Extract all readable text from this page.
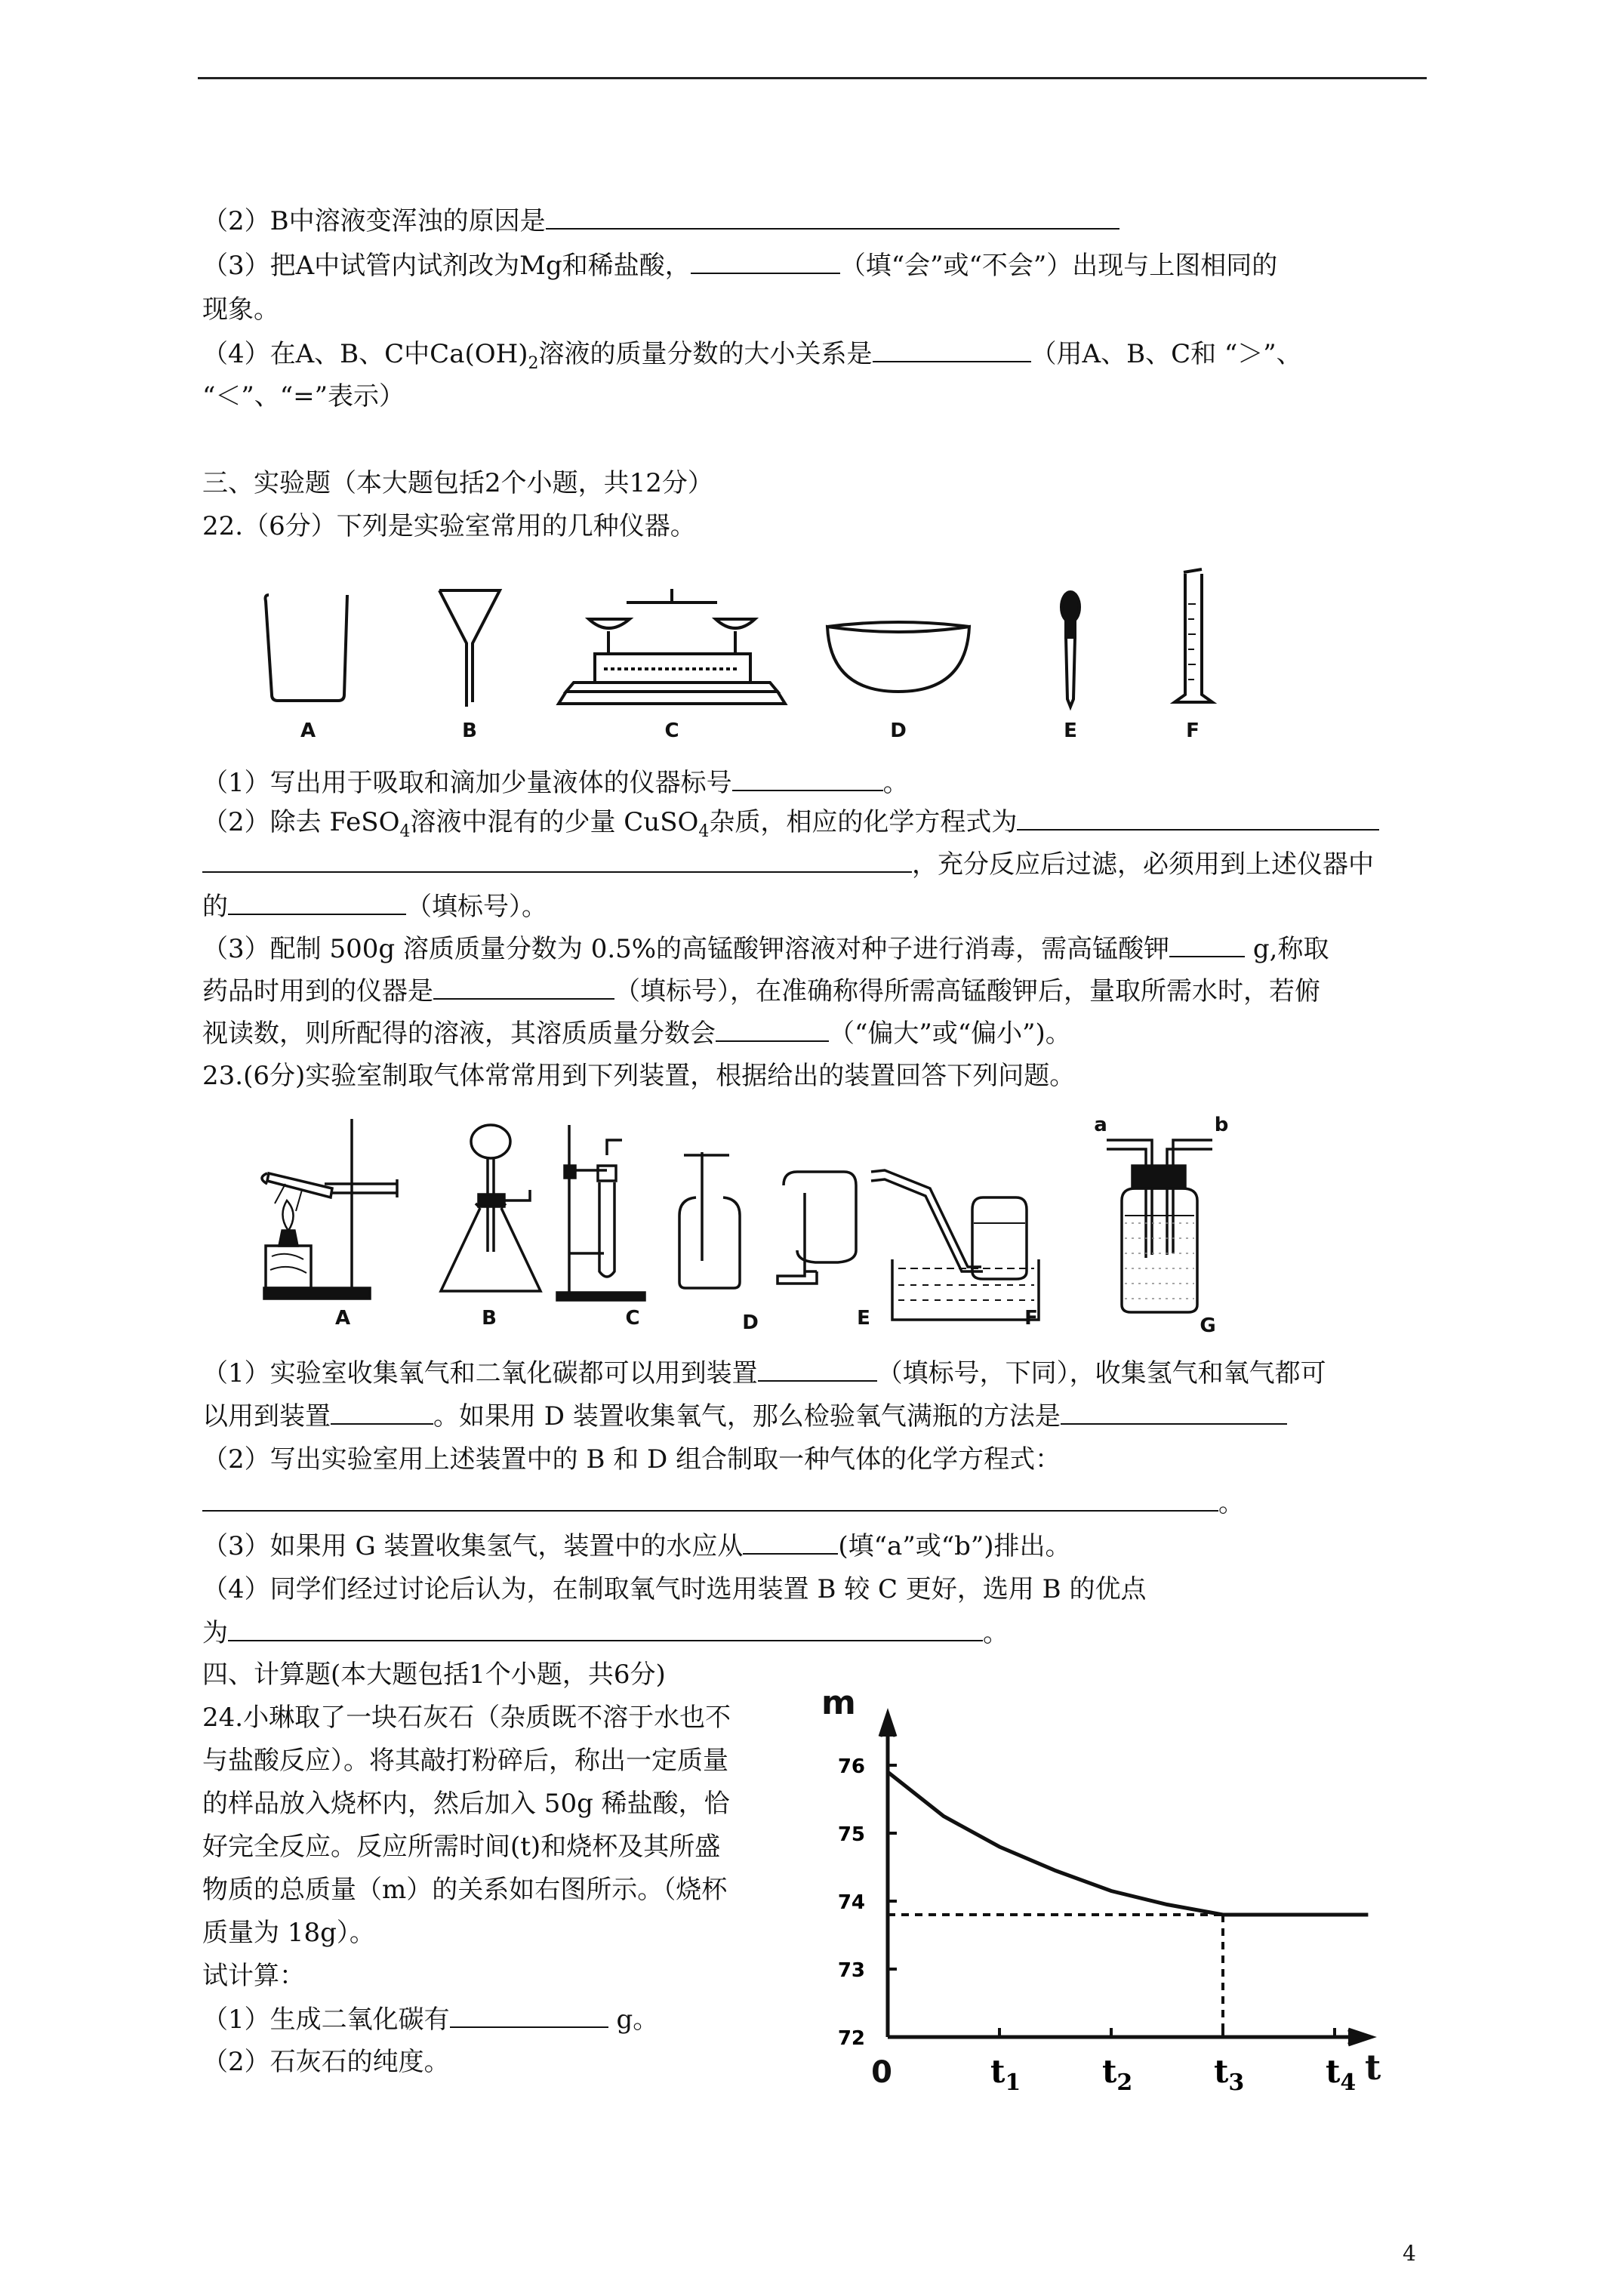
（2）B中溶液变浑浊的原因是
（3）把A中试管内试剂改为Mg和稀盐酸，	（填“会”或“不会”）出现与上图相同的
现象。
（4）在A、B、C中$Ca(OH)_2$溶液的质量分数的大小关系是	（用A、B、C和 “＞”、
“＜”、“=”表示）
三、实验题（本大题包括2个小题，共12分）
22.（6分）下列是实验室常用的几种仪器。
A	B	C	D	E	F
（1）写出用于吸取和滴加少量液体的仪器标号	。
（2）除去 FeSO$_4$溶液中混有的少量 CuSO$_4$杂质，相应的化学方程式为
，充分反应后过滤，必须用到上述仪器中
的	（填标号）。
（3）配制 500g 溶质质量分数为 0.5%的高锰酸钾溶液对种子进行消毒，需高锰酸钾	g,称取
药品时用到的仪器是	（填标号），在准确称得所需高锰酸钾后，量取所需水时，若俯
视读数，则所配得的溶液，其溶质质量分数会	（“偏大”或“偏小”)。
23.(6分)实验室制取气体常常用到下列装置，根据给出的装置回答下列问题。
A	B	C	D	E	F	G
a	b
（1）实验室收集氧气和二氧化碳都可以用到装置	（填标号，下同），收集氢气和氧气都可
以用到装置	。如果用 D 装置收集氧气，那么检验氧气满瓶的方法是
（2）写出实验室用上述装置中的 B 和 D 组合制取一种气体的化学方程式：
。
（3）如果用 G 装置收集氢气，装置中的水应从	(填“a”或“b”)排出。
（4）同学们经过讨论后认为，在制取氧气时选用装置 B 较 C 更好，选用 B 的优点
为	。
四、计算题(本大题包括1个小题，共6分)
24.小琳取了一块石灰石（杂质既不溶于水也不
与盐酸反应）。将其敲打粉碎后，称出一定质量
的样品放入烧杯内，然后加入 50g 稀盐酸，恰
好完全反应。反应所需时间(t)和烧杯及其所盛
物质的总质量（m）的关系如右图所示。（烧杯
质量为 18g）。
试计算：
（1）生成二氧化碳有	g。
（2）石灰石的纯度。
72
73
74
75
76
$t_1$	$t_2$	$t_3$	$t_4$
m
t
0
4
